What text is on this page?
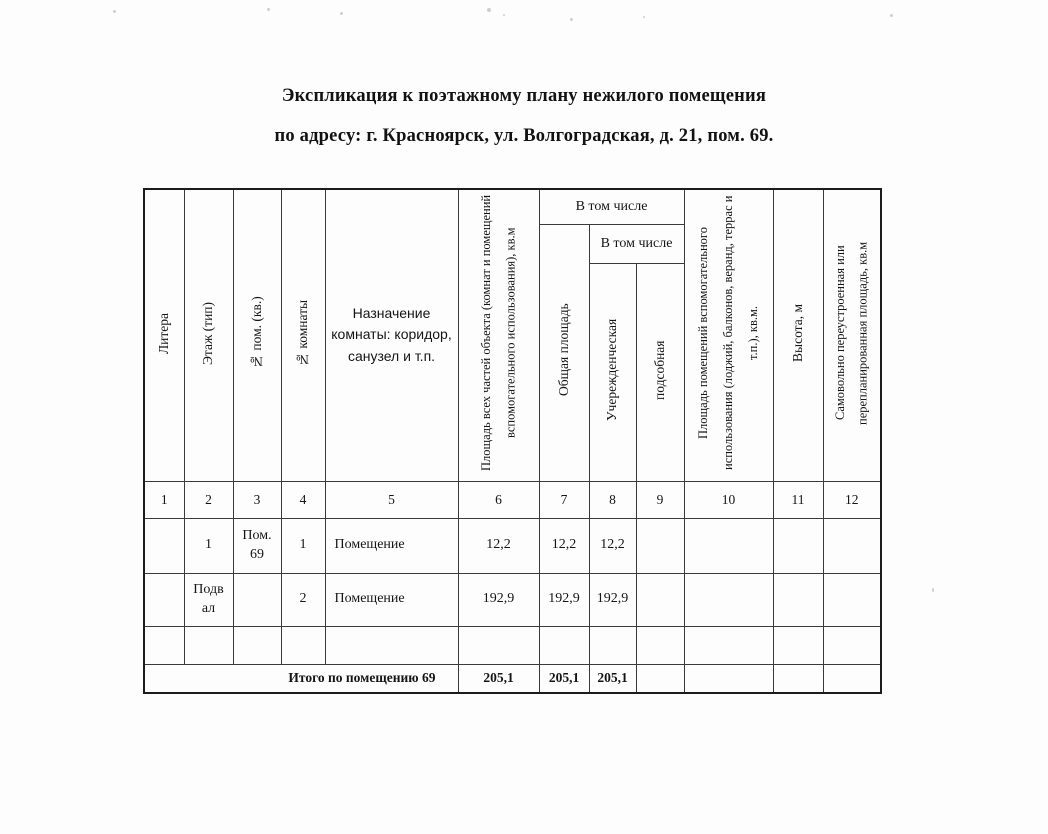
Экспликация к поэтажному плану нежилого помещения
по адресу: г. Красноярск, ул. Волгоградская, д. 21, пом. 69.
Литера	Этаж (тип)	№ пом. (кв.)	№ комнаты	Назначение комнаты: коридор, санузел и т.п.	Площадь всех частей объекта (комнат и помещений вспомогательного использования), кв.м	В том числе			Площадь помещений вспомогательного использования (лоджий, балконов, веранд, террас и т.п.), кв.м.	Высота, м	Самовольно переустроенная или перепланированная площадь, кв.м
						Общая площадь	В том числе				
							Учережденческая	подсобная			
1	2	3	4	5	6	7	8	9	10	11	12
	1	Пом. 69	1	Помещение	12,2	12,2	12,2				
	Подвал		2	Помещение	192,9	192,9	192,9				

Итого по помещению 69					205,1	205,1	205,1				
